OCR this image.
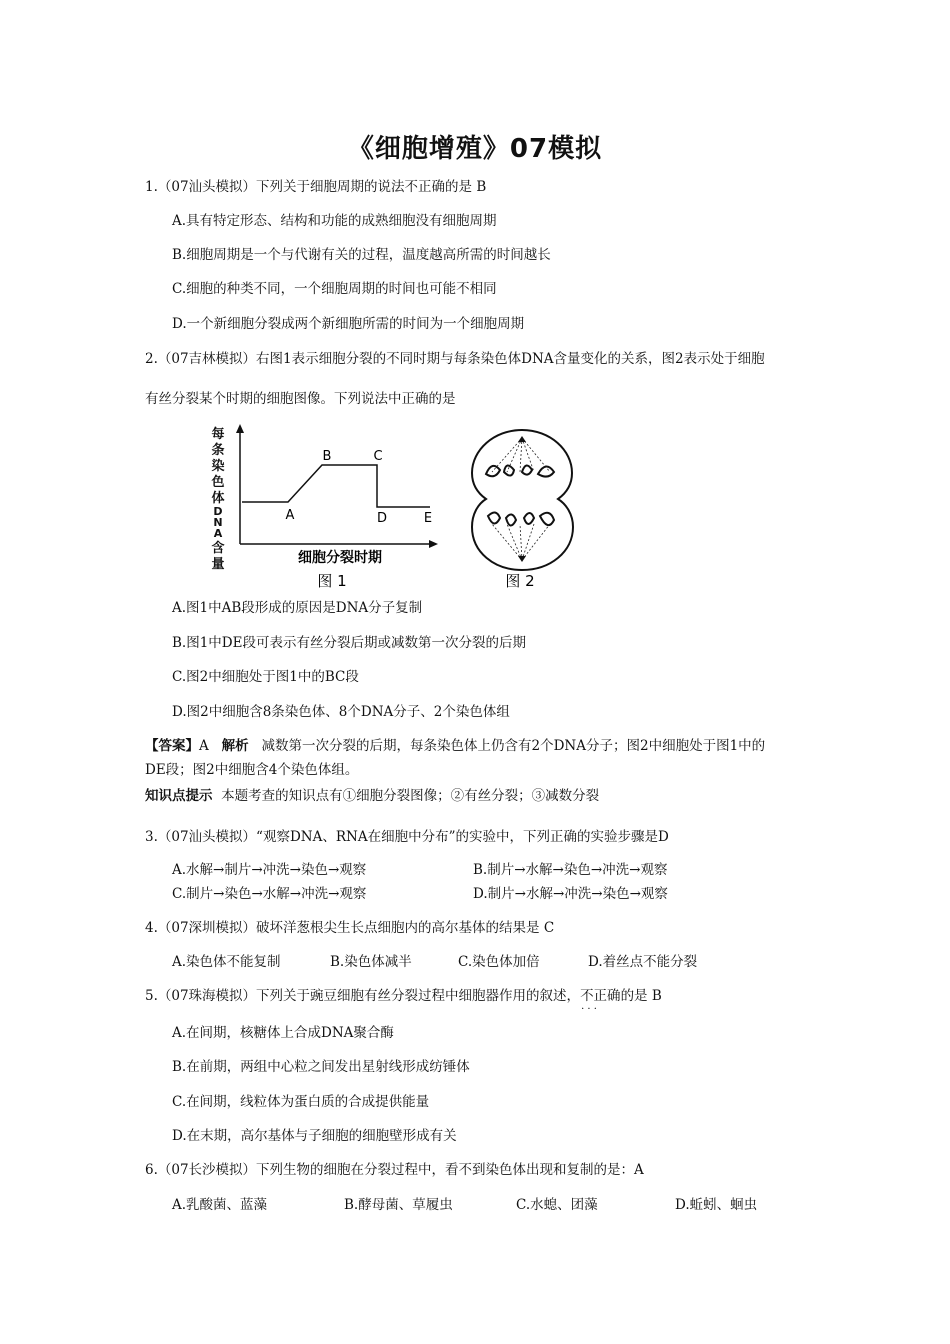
《细胞增殖》07模拟
1.（07汕头模拟）下列关于细胞周期的说法不正确的是 B
A.具有特定形态、结构和功能的成熟细胞没有细胞周期
B.细胞周期是一个与代谢有关的过程，温度越高所需的时间越长
C.细胞的种类不同，一个细胞周期的时间也可能不相同
D.一个新细胞分裂成两个新细胞所需的时间为一个细胞周期
2.（07吉林模拟）右图1表示细胞分裂的不同时期与每条染色体DNA含量变化的关系，图2表示处于细胞
有丝分裂某个时期的细胞图像。下列说法中正确的是
每
条
染
色
体
D
N
A
含
量
A
B	C
D	E
细胞分裂时期
图 1	图 2
A.图1中AB段形成的原因是DNA分子复制
B.图1中DE段可表示有丝分裂后期或减数第一次分裂的后期
C.图2中细胞处于图1中的BC段
D.图2中细胞含8条染色体、8个DNA分子、2个染色体组
【答案】A 解析 减数第一次分裂的后期，每条染色体上仍含有2个DNA分子；图2中细胞处于图1中的
DE段；图2中细胞含4个染色体组。
知识点提示 本题考查的知识点有①细胞分裂图像；②有丝分裂；③减数分裂
3.（07汕头模拟）“观察DNA、RNA在细胞中分布”的实验中，下列正确的实验步骤是D
A.水解→制片→冲洗→染色→观察	B.制片→水解→染色→冲洗→观察
C.制片→染色→水解→冲洗→观察	D.制片→水解→冲洗→染色→观察
4.（07深圳模拟）破坏洋葱根尖生长点细胞内的高尔基体的结果是 C
A.染色体不能复制	B.染色体减半	C.染色体加倍	D.着丝点不能分裂
5.（07珠海模拟）下列关于豌豆细胞有丝分裂过程中细胞器作用的叙述，不正确 · · ·的是 B
A.在间期，核糖体上合成DNA聚合酶
B.在前期，两组中心粒之间发出星射线形成纺锤体
C.在间期，线粒体为蛋白质的合成提供能量
D.在末期，高尔基体与子细胞的细胞壁形成有关
6.（07长沙模拟）下列生物的细胞在分裂过程中，看不到染色体出现和复制的是：A
A.乳酸菌、蓝藻	B.酵母菌、草履虫	C.水螅、团藻	D.蚯蚓、蛔虫
